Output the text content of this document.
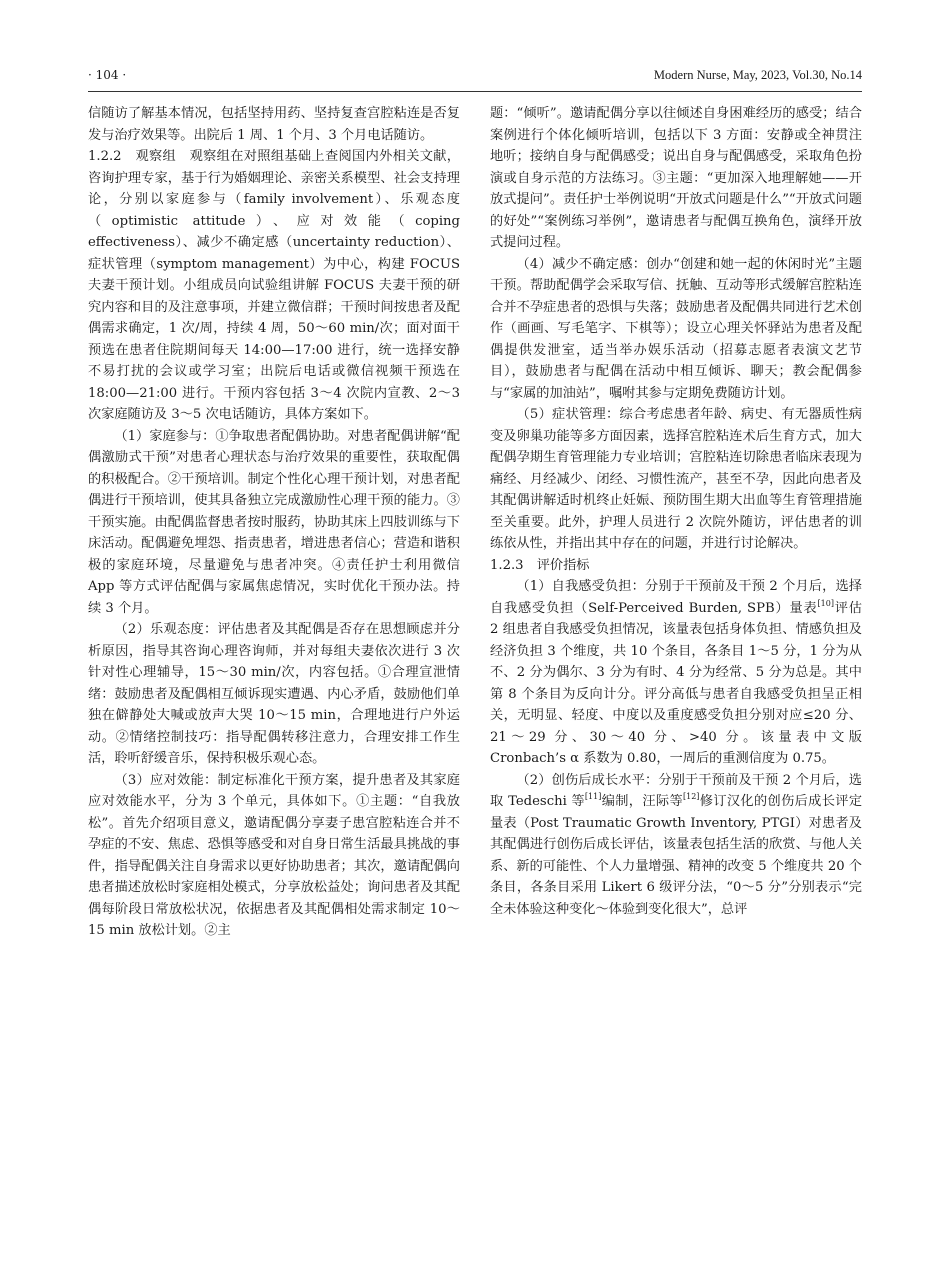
· 104 ·	Modern Nurse, May, 2023, Vol.30, No.14

信随访了解基本情况，包括坚持用药、坚持复查宫腔粘连是否复发与治疗效果等。出院后 1 周、1 个月、3 个月电话随访。

1.2.2　观察组　观察组在对照组基础上查阅国内外相关文献，咨询护理专家，基于行为婚姻理论、亲密关系模型、社会支持理论，分别以家庭参与（family involvement）、乐观态度（optimistic attitude）、应对效能（coping effectiveness）、减少不确定感（uncertainty reduction）、症状管理（symptom management）为中心，构建 FOCUS 夫妻干预计划。小组成员向试验组讲解 FOCUS 夫妻干预的研究内容和目的及注意事项，并建立微信群；干预时间按患者及配偶需求确定，1 次/周，持续 4 周，50～60 min/次；面对面干预选在患者住院期间每天 14:00—17:00 进行，统一选择安静不易打扰的会议或学习室；出院后电话或微信视频干预选在 18:00—21:00 进行。干预内容包括 3～4 次院内宣教、2～3 次家庭随访及 3～5 次电话随访，具体方案如下。

（1）家庭参与：①争取患者配偶协助。对患者配偶讲解“配偶激励式干预”对患者心理状态与治疗效果的重要性，获取配偶的积极配合。②干预培训。制定个性化心理干预计划，对患者配偶进行干预培训，使其具备独立完成激励性心理干预的能力。③干预实施。由配偶监督患者按时服药，协助其床上四肢训练与下床活动。配偶避免埋怨、指责患者，增进患者信心；营造和谐积极的家庭环境，尽量避免与患者冲突。④责任护士利用微信 App 等方式评估配偶与家属焦虑情况，实时优化干预办法。持续 3 个月。

（2）乐观态度：评估患者及其配偶是否存在思想顾虑并分析原因，指导其咨询心理咨询师，并对每组夫妻依次进行 3 次针对性心理辅导，15～30 min/次，内容包括。①合理宣泄情绪：鼓励患者及配偶相互倾诉现实遭遇、内心矛盾，鼓励他们单独在僻静处大喊或放声大哭 10～15 min，合理地进行户外运动。②情绪控制技巧：指导配偶转移注意力，合理安排工作生活，聆听舒缓音乐，保持积极乐观心态。

（3）应对效能：制定标准化干预方案，提升患者及其家庭应对效能水平，分为 3 个单元，具体如下。①主题：“自我放松”。首先介绍项目意义，邀请配偶分享妻子患宫腔粘连合并不孕症的不安、焦虑、恐惧等感受和对自身日常生活最具挑战的事件，指导配偶关注自身需求以更好协助患者；其次，邀请配偶向患者描述放松时家庭相处模式，分享放松益处；询问患者及其配偶每阶段日常放松状况，依据患者及其配偶相处需求制定 10～15 min 放松计划。②主

题：“倾听”。邀请配偶分享以往倾述自身困难经历的感受；结合案例进行个体化倾听培训，包括以下 3 方面：安静或全神贯注地听；接纳自身与配偶感受；说出自身与配偶感受，采取角色扮演或自身示范的方法练习。③主题：“更加深入地理解她——开放式提问”。责任护士举例说明“开放式问题是什么”“开放式问题的好处”“案例练习举例”，邀请患者与配偶互换角色，演绎开放式提问过程。

（4）减少不确定感：创办“创建和她一起的休闲时光”主题干预。帮助配偶学会采取写信、抚触、互动等形式缓解宫腔粘连合并不孕症患者的恐惧与失落；鼓励患者及配偶共同进行艺术创作（画画、写毛笔字、下棋等）；设立心理关怀驿站为患者及配偶提供发泄室，适当举办娱乐活动（招募志愿者表演文艺节目），鼓励患者与配偶在活动中相互倾诉、聊天；教会配偶参与“家属的加油站”，嘱咐其参与定期免费随访计划。

（5）症状管理：综合考虑患者年龄、病史、有无器质性病变及卵巢功能等多方面因素，选择宫腔粘连术后生育方式，加大配偶孕期生育管理能力专业培训；宫腔粘连切除患者临床表现为痛经、月经减少、闭经、习惯性流产，甚至不孕，因此向患者及其配偶讲解适时机终止妊娠、预防围生期大出血等生育管理措施至关重要。此外，护理人员进行 2 次院外随访，评估患者的训练依从性，并指出其中存在的问题，并进行讨论解决。

1.2.3　评价指标

（1）自我感受负担：分别于干预前及干预 2 个月后，选择自我感受负担（Self-Perceived Burden, SPB）量表[10]评估 2 组患者自我感受负担情况，该量表包括身体负担、情感负担及经济负担 3 个维度，共 10 个条目，各条目 1～5 分，1 分为从不、2 分为偶尔、3 分为有时、4 分为经常、5 分为总是。其中第 8 个条目为反向计分。评分高低与患者自我感受负担呈正相关，无明显、轻度、中度以及重度感受负担分别对应≤20 分、21～29 分、30～40 分、>40 分。该量表中文版 Cronbach’s α 系数为 0.80，一周后的重测信度为 0.75。

（2）创伤后成长水平：分别于干预前及干预 2 个月后，选取 Tedeschi 等[11]编制，汪际等[12]修订汉化的创伤后成长评定量表（Post Traumatic Growth Inventory, PTGI）对患者及其配偶进行创伤后成长评估，该量表包括生活的欣赏、与他人关系、新的可能性、个人力量增强、精神的改变 5 个维度共 20 个条目，各条目采用 Likert 6 级评分法，“0～5 分”分别表示“完全未体验这种变化～体验到变化很大”，总评
